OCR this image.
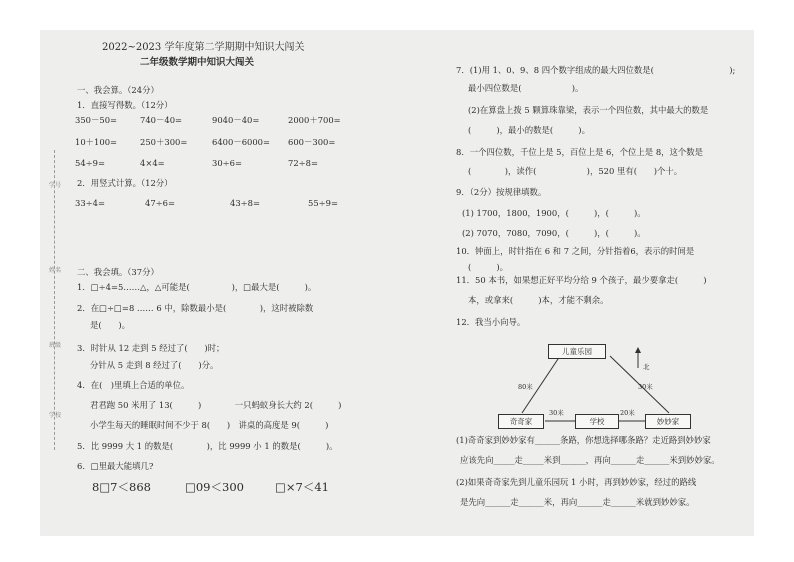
学号
姓名
班级
学校
2022~2023 学年度第二学期期中知识大闯关
二年级数学期中知识大闯关
一、我会算。（24分）
1．直接写得数。（12分）
350－50=	740－40=	9040－40=	2000＋700=
10＋100=	250＋300=	6400－6000= 600－300=
54÷9=	4×4=	30÷6=	72÷8=
2．用竖式计算。（12分）
33÷4=	47÷6=	43÷8=	55÷9=
二、我会填。（37分）
1．□÷4=5……△，△可能是(　　　　　)，□最大是(　　　)。
2．在□÷□=8 …… 6 中，除数最小是(　　　　)，这时被除数
是(　　)。
3．时针从 12 走到 5 经过了(　　)时；
分针从 5 走到 8 经过了(　　)分。
4．在(　)里填上合适的单位。
君君跑 50 米用了 13(　　　)　　　　一只蚂蚁身长大约 2(　　　)
小学生每天的睡眠时间不少于 8(　　)　讲桌的高度是 9(　　　)
5．比 9999 大 1 的数是(　　　　)，比 9999 小 1 的数是(　　　)。
6．□里最大能填几?
8□7＜868	□09＜300	□×7＜41
7．(1)用 1、0、9、8 四个数字组成的最大四位数是(　　　　　　　　　);
最小四位数是(　　　　　　)。
(2)在算盘上拨 5 颗算珠靠梁，表示一个四位数，其中最大的数是
(　　　)，最小的数是(　　　)。
8．一个四位数，千位上是 5，百位上是 6，个位上是 8，这个数是
(　　　　)，读作(　　　　　　)，520 里有(　　)个十。
9．（2分）按规律填数。
(1) 1700，1800，1900，(　　　)，(　　　)。
(2) 7070，7080，7090，(　　　)，(　　　)。
10．钟面上，时针指在 6 和 7 之间，分针指着6，表示的时间是
(　　　)。
11．50 本书，如果想正好平均分给 9 个孩子，最少要拿走(　　　)
本，或拿来(　　　)本，才能不剩余。
12．我当小向导。
北
儿童乐园
奇奇家	学校	妙妙家
80米	30米
30米	20米
(1)奇奇家到妙妙家有______条路，你想选择哪条路？走近路到妙妙家
应该先向_____走_____米到______，再向______走______米到妙妙家。
(2)如果奇奇家先到儿童乐园玩 1 小时，再到妙妙家，经过的路线
是先向______走______米，再向______走______米就到妙妙家。
